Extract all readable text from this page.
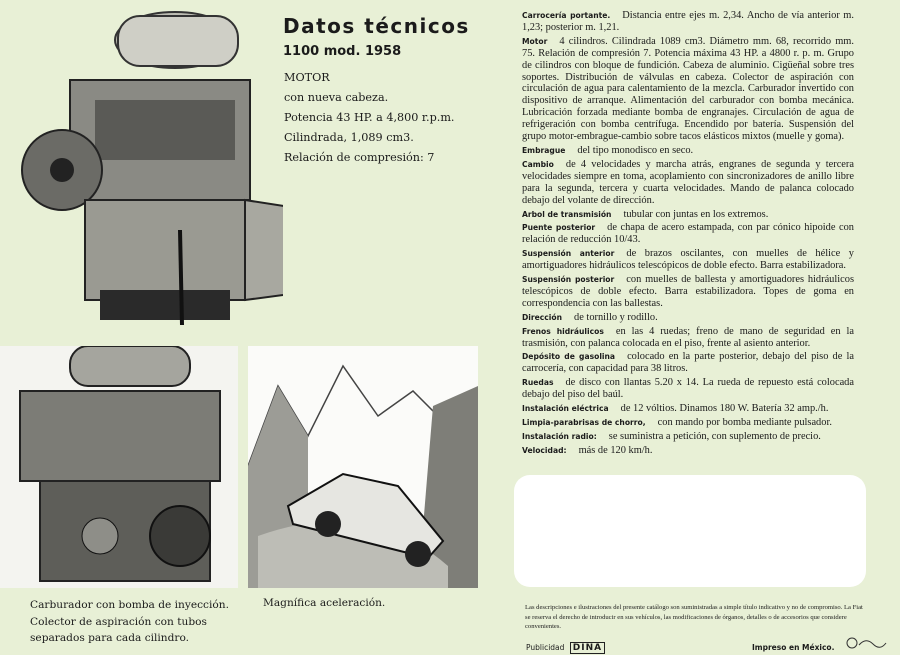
Datos técnicos
1100 mod. 1958
MOTOR
con nueva cabeza.
Potencia 43 HP. a 4,800 r.p.m.
Cilindrada, 1,089 cm3.
Relación de compresión: 7

Carrocería portante. Distancia entre ejes m. 2,34. Ancho de vía anterior m. 1,23; posterior m. 1,21.

Motor 4 cilindros. Cilindrada 1089 cm3. Diámetro mm. 68, recorrido mm. 75. Relación de compresión 7. Potencia máxima 43 HP. a 4800 r. p. m. Grupo de cilindros con bloque de fundición. Cabeza de aluminio. Cigüeñal sobre tres soportes. Distribución de válvulas en cabeza. Colector de aspiración con circulación de agua para calentamiento de la mezcla. Carburador invertido con dispositivo de arranque. Alimentación del carburador con bomba mecánica. Lubricación forzada mediante bomba de engranajes. Circulación de agua de refrigeración con bomba centrífuga. Encendido por batería. Suspensión del grupo motor-embrague-cambio sobre tacos elásticos mixtos (muelle y goma).

Embrague del tipo monodisco en seco.

Cambio de 4 velocidades y marcha atrás, engranes de segunda y tercera velocidades siempre en toma, acoplamiento con sincronizadores de anillo libre para la segunda, tercera y cuarta velocidades. Mando de palanca colocado debajo del volante de dirección.

Arbol de transmisión tubular con juntas en los extremos.

Puente posterior de chapa de acero estampada, con par cónico hipoide con relación de reducción 10/43.

Suspensión anterior de brazos oscilantes, con muelles de hélice y amortiguadores hidráulicos telescópicos de doble efecto. Barra estabilizadora.

Suspensión posterior con muelles de ballesta y amortiguadores hidráulicos telescópicos de doble efecto. Barra estabilizadora. Topes de goma en correspondencia con las ballestas.

Dirección de tornillo y rodillo.

Frenos hidráulicos en las 4 ruedas; freno de mano de seguridad en la trasmisión, con palanca colocada en el piso, frente al asiento anterior.

Depósito de gasolina colocado en la parte posterior, debajo del piso de la carrocería, con capacidad para 38 litros.

Ruedas de disco con llantas 5.20 x 14. La rueda de repuesto está colocada debajo del piso del baúl.

Instalación eléctrica de 12 vóltios. Dinamos 180 W. Batería 32 amp./h.

Limpia-parabrisas de chorro, con mando por bomba mediante pulsador.

Instalación radio: se suministra a petición, con suplemento de precio.

Velocidad: más de 120 km/h.

Carburador con bomba de inyección.
Colector de aspiración con tubos
separados para cada cilindro.
Magnífica aceleración.	Las descripciones e ilustraciones del presente catálogo son suministradas a simple título indicativo y no de compromiso. La Fiat se reserva el derecho de introducir en sus vehículos, las modificaciones de órganos, detalles o de accesorios que considere convenientes.
Publicidad DINA	Impreso en México.
